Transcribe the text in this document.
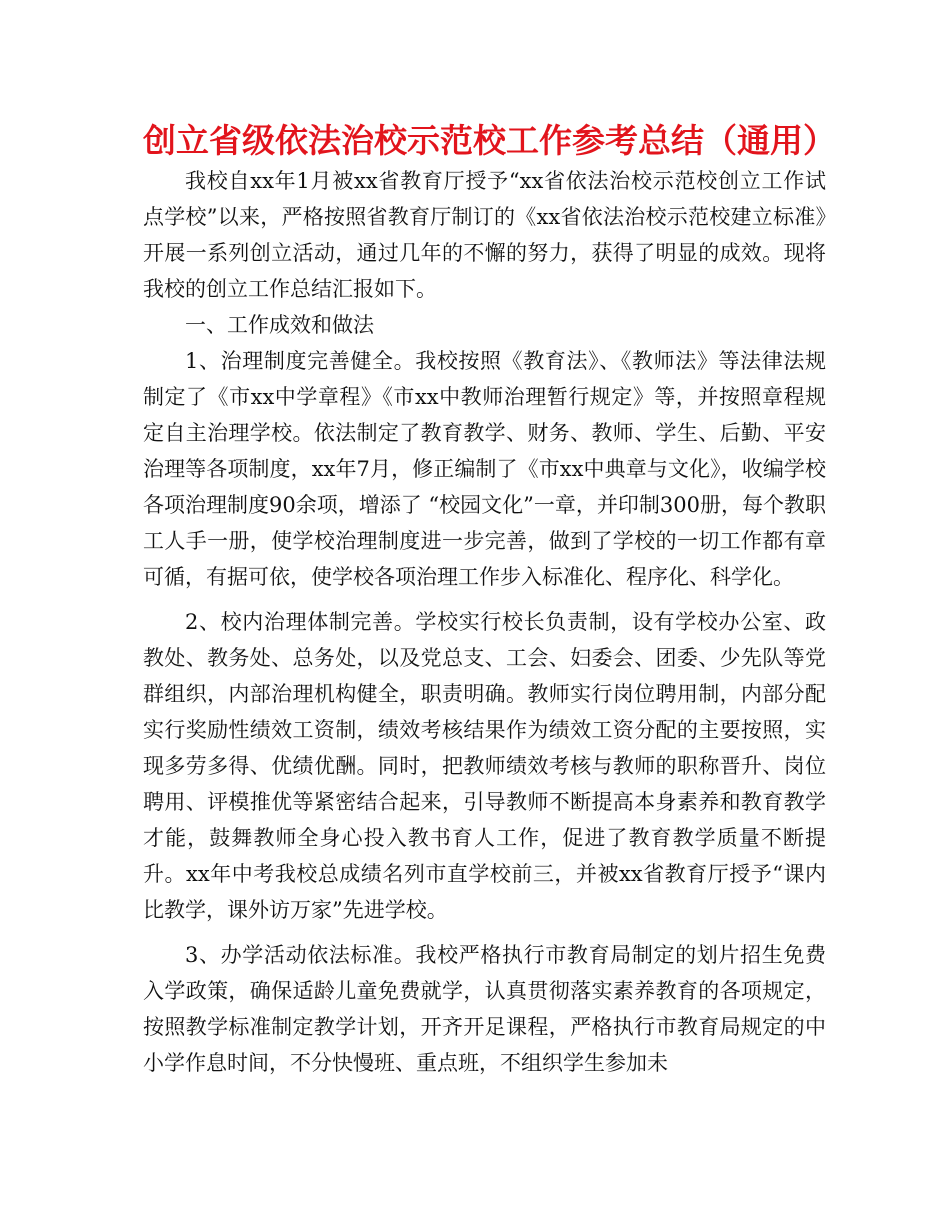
创立省级依法治校示范校工作参考总结（通用）

我校自xx年1月被xx省教育厅授予“xx省依法治校示范校创立工作试点学校”以来，严格按照省教育厅制订的《xx省依法治校示范校建立标准》开展一系列创立活动，通过几年的不懈的努力，获得了明显的成效。现将我校的创立工作总结汇报如下。

一、工作成效和做法

1、治理制度完善健全。我校按照《教育法》、《教师法》等法律法规制定了《市xx中学章程》《市xx中教师治理暂行规定》等，并按照章程规定自主治理学校。依法制定了教育教学、财务、教师、学生、后勤、平安治理等各项制度，xx年7月，修正编制了《市xx中典章与文化》，收编学校各项治理制度90余项，增添了 “校园文化”一章，并印制300册，每个教职工人手一册，使学校治理制度进一步完善，做到了学校的一切工作都有章可循，有据可依，使学校各项治理工作步入标准化、程序化、科学化。

2、校内治理体制完善。学校实行校长负责制，设有学校办公室、政教处、教务处、总务处，以及党总支、工会、妇委会、团委、少先队等党群组织，内部治理机构健全，职责明确。教师实行岗位聘用制，内部分配实行奖励性绩效工资制，绩效考核结果作为绩效工资分配的主要按照，实现多劳多得、优绩优酬。同时，把教师绩效考核与教师的职称晋升、岗位聘用、评模推优等紧密结合起来，引导教师不断提高本身素养和教育教学才能，鼓舞教师全身心投入教书育人工作，促进了教育教学质量不断提升。xx年中考我校总成绩名列市直学校前三，并被xx省教育厅授予“课内比教学，课外访万家”先进学校。

3、办学活动依法标准。我校严格执行市教育局制定的划片招生免费入学政策，确保适龄儿童免费就学，认真贯彻落实素养教育的各项规定，按照教学标准制定教学计划，开齐开足课程，严格执行市教育局规定的中小学作息时间，不分快慢班、重点班，不组织学生参加未
